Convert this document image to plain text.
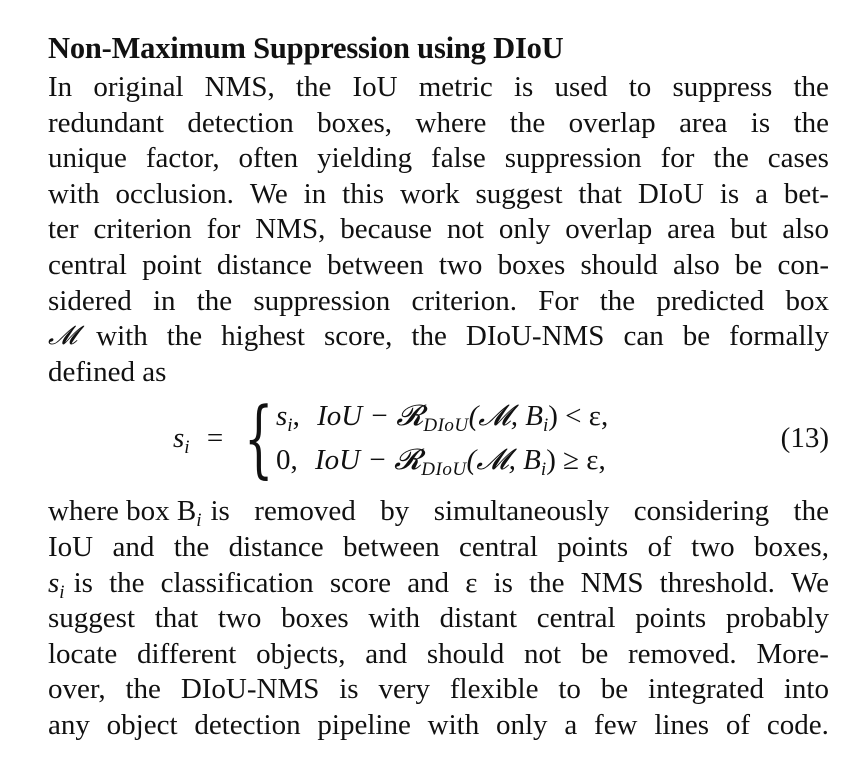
Non-Maximum Suppression using DIoU
In original NMS, the IoU metric is used to suppress the
redundant detection boxes, where the overlap area is the
unique factor, often yielding false suppression for the cases
with occlusion. We in this work suggest that DIoU is a bet-
ter criterion for NMS, because not only overlap area but also
central point distance between two boxes should also be con-
sidered in the suppression criterion. For the predicted box
𝓜 with the highest score, the DIoU-NMS can be formally
defined as
$s_i$ = { $s_i$, IoU − 𝓡$_{DIoU}$(𝓜, $B_i) < \varepsilon$,
0, IoU − 𝓡$_{DIoU}$(𝓜, $B_i) \ge \varepsilon$,
(13)
where box $B_i$ is removed by simultaneously considering the
IoU and the distance between central points of two boxes,
$s_i$ is the classification score and ε is the NMS threshold. We
suggest that two boxes with distant central points probably
locate different objects, and should not be removed. More-
over, the DIoU-NMS is very flexible to be integrated into
any object detection pipeline with only a few lines of code.
